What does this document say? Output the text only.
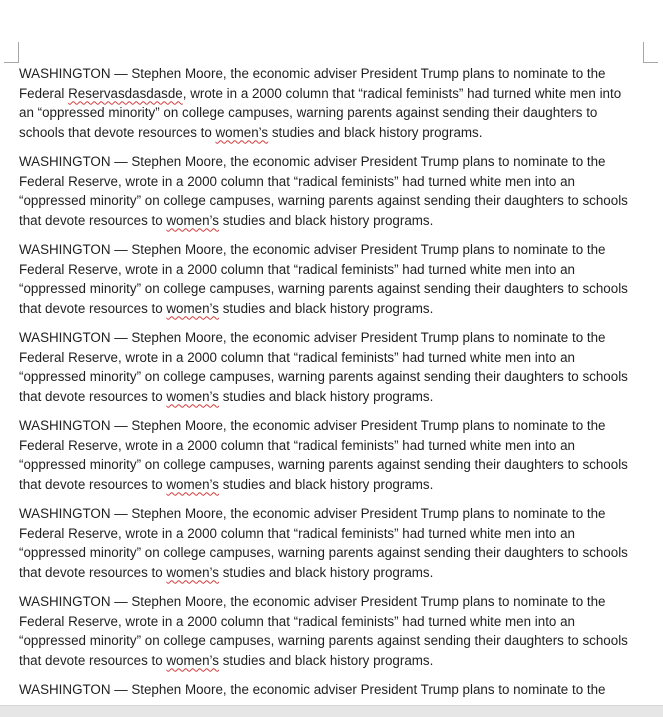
WASHINGTON — Stephen Moore, the economic adviser President Trump plans to nominate to the
Federal Reservasdasdasde, wrote in a 2000 column that “radical feminists” had turned white men into
an “oppressed minority” on college campuses, warning parents against sending their daughters to
schools that devote resources to women’s studies and black history programs.
WASHINGTON — Stephen Moore, the economic adviser President Trump plans to nominate to the
Federal Reserve, wrote in a 2000 column that “radical feminists” had turned white men into an
“oppressed minority” on college campuses, warning parents against sending their daughters to schools
that devote resources to women’s studies and black history programs.
WASHINGTON — Stephen Moore, the economic adviser President Trump plans to nominate to the
Federal Reserve, wrote in a 2000 column that “radical feminists” had turned white men into an
“oppressed minority” on college campuses, warning parents against sending their daughters to schools
that devote resources to women’s studies and black history programs.
WASHINGTON — Stephen Moore, the economic adviser President Trump plans to nominate to the
Federal Reserve, wrote in a 2000 column that “radical feminists” had turned white men into an
“oppressed minority” on college campuses, warning parents against sending their daughters to schools
that devote resources to women’s studies and black history programs.
WASHINGTON — Stephen Moore, the economic adviser President Trump plans to nominate to the
Federal Reserve, wrote in a 2000 column that “radical feminists” had turned white men into an
“oppressed minority” on college campuses, warning parents against sending their daughters to schools
that devote resources to women’s studies and black history programs.
WASHINGTON — Stephen Moore, the economic adviser President Trump plans to nominate to the
Federal Reserve, wrote in a 2000 column that “radical feminists” had turned white men into an
“oppressed minority” on college campuses, warning parents against sending their daughters to schools
that devote resources to women’s studies and black history programs.
WASHINGTON — Stephen Moore, the economic adviser President Trump plans to nominate to the
Federal Reserve, wrote in a 2000 column that “radical feminists” had turned white men into an
“oppressed minority” on college campuses, warning parents against sending their daughters to schools
that devote resources to women’s studies and black history programs.
WASHINGTON — Stephen Moore, the economic adviser President Trump plans to nominate to the
